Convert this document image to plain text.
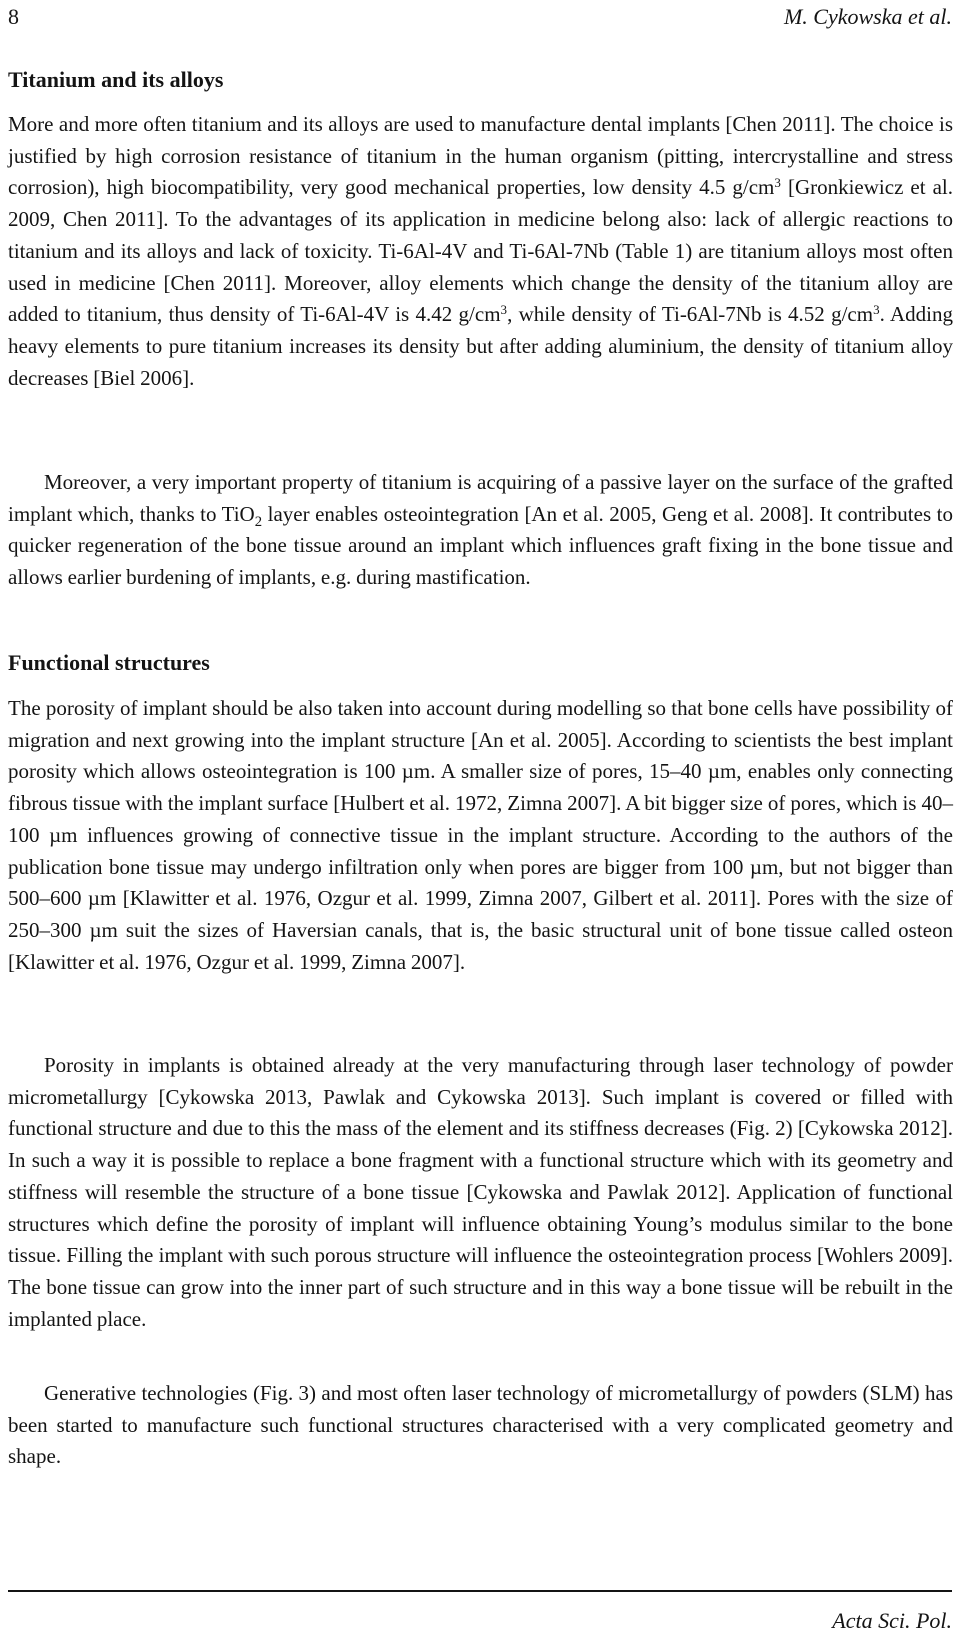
8	M. Cykowska et al.
Titanium and its alloys

More and more often titanium and its alloys are used to manufacture dental implants [Chen 2011]. The choice is justified by high corrosion resistance of titanium in the human organism (pitting, intercrystalline and stress corrosion), high biocompatibility, very good mechanical properties, low density 4.5 $g/cm^3$ [Gronkiewicz et al. 2009, Chen 2011]. To the advantages of its application in medicine belong also: lack of allergic reactions to titanium and its alloys and lack of toxicity. Ti-6Al-4V and Ti-6Al-7Nb (Table 1) are titanium alloys most often used in medicine [Chen 2011]. Moreover, alloy elements which change the density of the titanium alloy are added to titanium, thus density of Ti-6Al-4V is 4.42 $g/cm^3$, while density of Ti-6Al-7Nb is 4.52 $g/cm^3$. Adding heavy elements to pure titanium increases its density but after adding aluminium, the density of titanium alloy decreases [Biel 2006].

Moreover, a very important property of titanium is acquiring of a passive layer on the surface of the grafted implant which, thanks to TiO$_2$ layer enables osteointegration [An et al. 2005, Geng et al. 2008]. It contributes to quicker regeneration of the bone tissue around an implant which influences graft fixing in the bone tissue and allows earlier burdening of implants, e.g. during mastification.

Functional structures

The porosity of implant should be also taken into account during modelling so that bone cells have possibility of migration and next growing into the implant structure [An et al. 2005]. According to scientists the best implant porosity which allows osteointegration is 100 µm. A smaller size of pores, 15–40 µm, enables only connecting fibrous tissue with the implant surface [Hulbert et al. 1972, Zimna 2007]. A bit bigger size of pores, which is 40–100 µm influences growing of connective tissue in the implant structure. According to the authors of the publication bone tissue may undergo infiltration only when pores are bigger from 100 µm, but not bigger than 500–600 µm [Klawitter et al. 1976, Ozgur et al. 1999, Zimna 2007, Gilbert et al. 2011]. Pores with the size of 250–300 µm suit the sizes of Haversian canals, that is, the basic structural unit of bone tissue called osteon [Klawitter et al. 1976, Ozgur et al. 1999, Zimna 2007].

Porosity in implants is obtained already at the very manufacturing through laser technology of powder micrometallurgy [Cykowska 2013, Pawlak and Cykowska 2013]. Such implant is covered or filled with functional structure and due to this the mass of the element and its stiffness decreases (Fig. 2) [Cykowska 2012]. In such a way it is possible to replace a bone fragment with a functional structure which with its geometry and stiffness will resemble the structure of a bone tissue [Cykowska and Pawlak 2012]. Application of functional structures which define the porosity of implant will influence obtaining Young’s modulus similar to the bone tissue. Filling the implant with such porous structure will influence the osteointegration process [Wohlers 2009]. The bone tissue can grow into the inner part of such structure and in this way a bone tissue will be rebuilt in the implanted place.

Generative technologies (Fig. 3) and most often laser technology of micrometallurgy of powders (SLM) has been started to manufacture such functional structures characterised with a very complicated geometry and shape.

Acta Sci. Pol.
